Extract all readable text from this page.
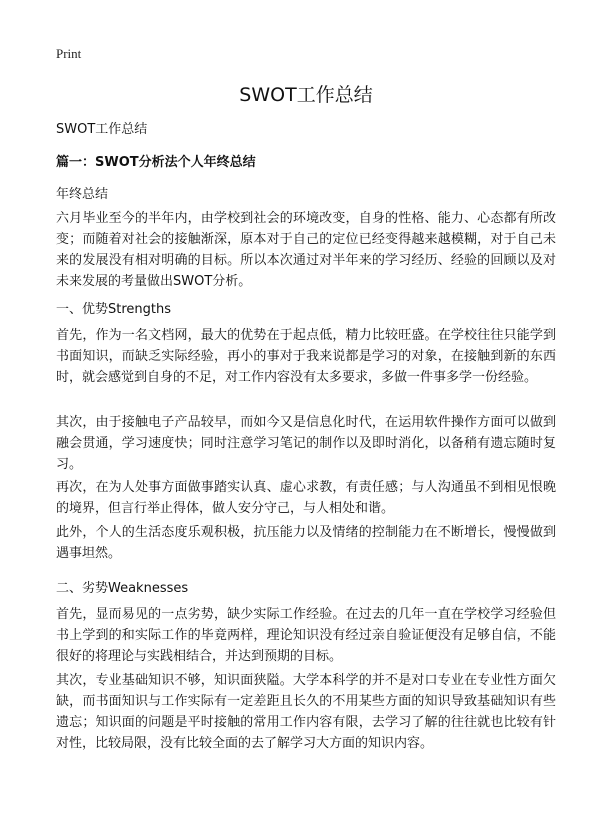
Print
SWOT工作总结
SWOT工作总结
篇一：SWOT分析法个人年终总结
年终总结

六月毕业至今的半年内，由学校到社会的环境改变，自身的性格、能力、心态都有所改变；而随着对社会的接触渐深，原本对于自己的定位已经变得越来越模糊，对于自己未来的发展没有相对明确的目标。所以本次通过对半年来的学习经历、经验的回顾以及对未来发展的考量做出SWOT分析。

一、优势Strengths

首先，作为一名文档网，最大的优势在于起点低，精力比较旺盛。在学校往往只能学到书面知识，而缺乏实际经验，再小的事对于我来说都是学习的对象，在接触到新的东西时，就会感觉到自身的不足，对工作内容没有太多要求，多做一件事多学一份经验。

其次，由于接触电子产品较早，而如今又是信息化时代，在运用软件操作方面可以做到融会贯通，学习速度快；同时注意学习笔记的制作以及即时消化，以备稍有遗忘随时复习。

再次，在为人处事方面做事踏实认真、虚心求教，有责任感；与人沟通虽不到相见恨晚的境界，但言行举止得体，做人安分守己，与人相处和谐。

此外，个人的生活态度乐观积极，抗压能力以及情绪的控制能力在不断增长，慢慢做到遇事坦然。

二、劣势Weaknesses

首先，显而易见的一点劣势，缺少实际工作经验。在过去的几年一直在学校学习经验但书上学到的和实际工作的毕竟两样，理论知识没有经过亲自验证便没有足够自信，不能很好的将理论与实践相结合，并达到预期的目标。

其次，专业基础知识不够，知识面狭隘。大学本科学的并不是对口专业在专业性方面欠缺，而书面知识与工作实际有一定差距且长久的不用某些方面的知识导致基础知识有些遗忘；知识面的问题是平时接触的常用工作内容有限，去学习了解的往往就也比较有针对性，比较局限，没有比较全面的去了解学习大方面的知识内容。
